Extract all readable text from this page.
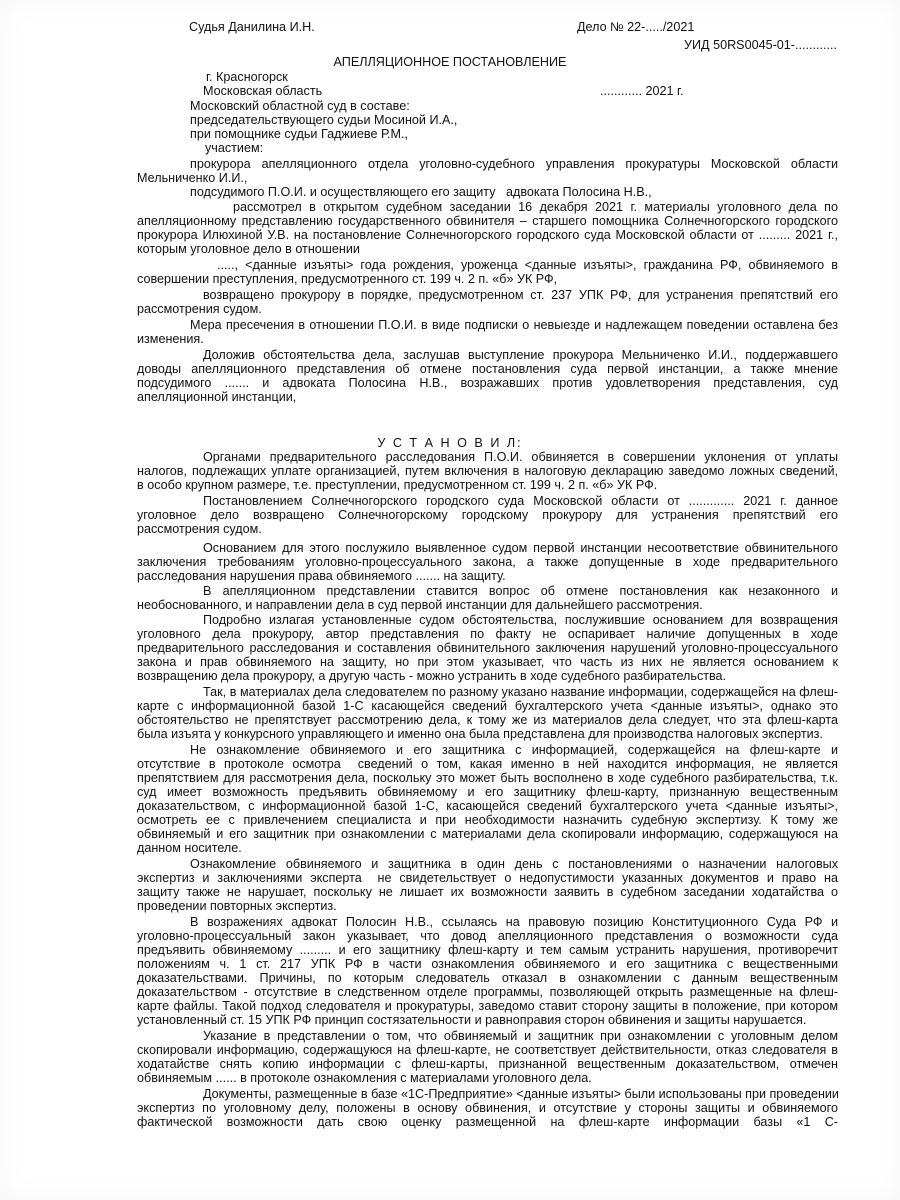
Судья Данилина И.Н.	Дело № 22-...../2021
УИД 50RS0045-01-............
АПЕЛЛЯЦИОННОЕ ПОСТАНОВЛЕНИЕ
г. Красногорск
Московская область	............ 2021 г.
Московский областной суд в составе:
председательствующего судьи Мосиной И.А.,
при помощнике судьи Гаджиеве Р.М.,
участием:
прокурора апелляционного отдела уголовно-судебного управления прокуратуры Московской области
Мельниченко И.И.,
подсудимого П.О.И. и осуществляющего его защиту   адвоката Полосина Н.В.,
рассмотрел в открытом судебном заседании 16 декабря 2021 г. материалы уголовного дела по
апелляционному представлению государственного обвинителя – старшего помощника Солнечногорского городского
прокурора Илюхиной У.В. на постановление Солнечногорского городского суда Московской области от ......... 2021 г.,
которым уголовное дело в отношении
....., <данные изъяты> года рождения, уроженца <данные изъяты>, гражданина РФ, обвиняемого в
совершении преступления, предусмотренного ст. 199 ч. 2 п. «б» УК РФ,
возвращено прокурору в порядке, предусмотренном ст. 237 УПК РФ, для устранения препятствий его
рассмотрения судом.
Мера пресечения в отношении П.О.И. в виде подписки о невыезде и надлежащем поведении оставлена без
изменения.
Доложив обстоятельства дела, заслушав выступление прокурора Мельниченко И.И., поддержавшего
доводы апелляционного представления об отмене постановления суда первой инстанции, а также мнение
подсудимого ....... и адвоката Полосина Н.В., возражавших против удовлетворения представления, суд
апелляционной инстанции,
У С Т А Н О В И Л:
Органами предварительного расследования П.О.И. обвиняется в совершении уклонения от уплаты
налогов, подлежащих уплате организацией, путем включения в налоговую декларацию заведомо ложных сведений,
в особо крупном размере, т.е. преступлении, предусмотренном ст. 199 ч. 2 п. «б» УК РФ.
Постановлением Солнечногорского городского суда Московской области от ............. 2021 г. данное
уголовное дело возвращено Солнечногорскому городскому прокурору для устранения препятствий его
рассмотрения судом.
Основанием для этого послужило выявленное судом первой инстанции несоответствие обвинительного
заключения требованиям уголовно-процессуального закона, а также допущенные в ходе предварительного
расследования нарушения права обвиняемого ....... на защиту.
В апелляционном представлении ставится вопрос об отмене постановления как незаконного и
необоснованного, и направлении дела в суд первой инстанции для дальнейшего рассмотрения.
Подробно излагая установленные судом обстоятельства, послужившие основанием для возвращения
уголовного дела прокурору, автор представления по факту не оспаривает наличие допущенных в ходе
предварительного расследования и составления обвинительного заключения нарушений уголовно-процессуального
закона и прав обвиняемого на защиту, но при этом указывает, что часть из них не является основанием к
возвращению дела прокурору, а другую часть - можно устранить в ходе судебного разбирательства.
Так, в материалах дела следователем по разному указано название информации, содержащейся на флеш-
карте с информационной базой 1-С касающейся сведений бухгалтерского учета <данные изъяты>, однако это
обстоятельство не препятствует рассмотрению дела, к тому же из материалов дела следует, что эта флеш-карта
была изъята у конкурсного управляющего и именно она была представлена для производства налоговых экспертиз.
Не ознакомление обвиняемого и его защитника с информацией, содержащейся на флеш-карте и
отсутствие в протоколе осмотра  сведений о том, какая именно в ней находится информация, не является
препятствием для рассмотрения дела, поскольку это может быть восполнено в ходе судебного разбирательства, т.к.
суд имеет возможность предъявить обвиняемому и его защитнику флеш-карту, признанную вещественным
доказательством, с информационной базой 1-С, касающейся сведений бухгалтерского учета <данные изъяты>,
осмотреть ее с привлечением специалиста и при необходимости назначить судебную экспертизу. К тому же
обвиняемый и его защитник при ознакомлении с материалами дела скопировали информацию, содержащуюся на
данном носителе.
Ознакомление обвиняемого и защитника в один день с постановлениями о назначении налоговых
экспертиз и заключениями эксперта  не свидетельствует о недопустимости указанных документов и право на
защиту также не нарушает, поскольку не лишает их возможности заявить в судебном заседании ходатайства о
проведении повторных экспертиз.
В возражениях адвокат Полосин Н.В., ссылаясь на правовую позицию Конституционного Суда РФ и
уголовно-процессуальный закон указывает, что довод апелляционного представления о возможности суда
предъявить обвиняемому ......... и его защитнику флеш-карту и тем самым устранить нарушения, противоречит
положениям ч. 1 ст. 217 УПК РФ в части ознакомления обвиняемого и его защитника с вещественными
доказательствами. Причины, по которым следователь отказал в ознакомлении с данным вещественным
доказательством - отсутствие в следственном отделе программы, позволяющей открыть размещенные на флеш-
карте файлы. Такой подход следователя и прокуратуры, заведомо ставит сторону защиты в положение, при котором
установленный ст. 15 УПК РФ принцип состязательности и равноправия сторон обвинения и защиты нарушается.
Указание в представлении о том, что обвиняемый и защитник при ознакомлении с уголовным делом
скопировали информацию, содержащуюся на флеш-карте, не соответствует действительности, отказ следователя в
ходатайстве снять копию информации с флеш-карты, признанной вещественным доказательством, отмечен
обвиняемым ...... в протоколе ознакомления с материалами уголовного дела.
Документы, размещенные в базе «1С-Предприятие» <данные изъяты> были использованы при проведении
экспертиз по уголовному делу, положены в основу обвинения, и отсутствие у стороны защиты и обвиняемого
фактической возможности дать свою оценку размещенной на флеш-карте информации базы «1 С-
